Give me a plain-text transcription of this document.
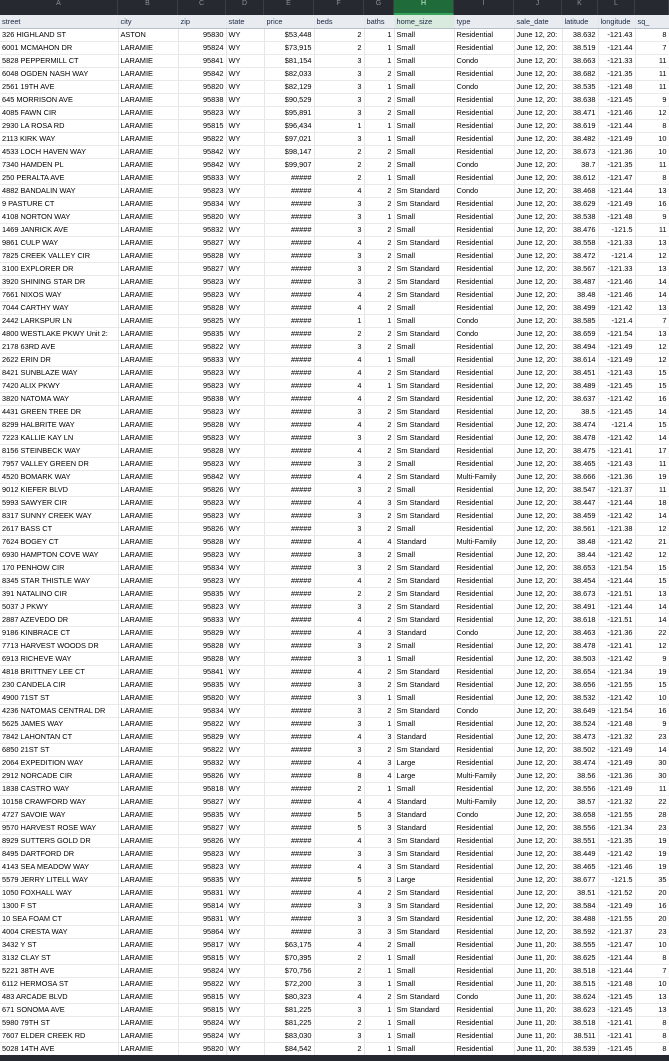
A	B	C	D	E	F	G	H	I	J	K	L
street	city	zip	state	price	beds	baths	home_size	type	sale_date	latitude	longitude	sq_
326 HIGHLAND ST	ASTON	95830	WY	$53,448	2	1	Small	Residential	June 12, 20:	38.632	-121.43	8
6001 MCMAHON DR	LARAMIE	95824	WY	$73,915	2	1	Small	Residential	June 12, 20:	38.519	-121.44	7
5828 PEPPERMILL CT	LARAMIE	95841	WY	$81,154	3	1	Small	Condo	June 12, 20:	38.663	-121.33	11
6048 OGDEN NASH WAY	LARAMIE	95842	WY	$82,033	3	2	Small	Residential	June 12, 20:	38.682	-121.35	11
2561 19TH AVE	LARAMIE	95820	WY	$82,129	3	1	Small	Condo	June 12, 20:	38.535	-121.48	11
645 MORRISON AVE	LARAMIE	95838	WY	$90,529	3	2	Small	Residential	June 12, 20:	38.638	-121.45	9
4085 FAWN CIR	LARAMIE	95823	WY	$95,891	3	2	Small	Residential	June 12, 20:	38.471	-121.46	12
2930 LA ROSA RD	LARAMIE	95815	WY	$96,434	1	1	Small	Residential	June 12, 20:	38.619	-121.44	8
2113 KIRK WAY	LARAMIE	95822	WY	$97,021	3	1	Small	Residential	June 12, 20:	38.482	-121.49	10
4533 LOCH HAVEN WAY	LARAMIE	95842	WY	$98,147	2	2	Small	Residential	June 12, 20:	38.673	-121.36	10
7340 HAMDEN PL	LARAMIE	95842	WY	$99,907	2	2	Small	Condo	June 12, 20:	38.7	-121.35	11
250 PERALTA AVE	LARAMIE	95833	WY	#####	2	1	Small	Residential	June 12, 20:	38.612	-121.47	8
4882 BANDALIN WAY	LARAMIE	95823	WY	#####	4	2	Sm Standard	Condo	June 12, 20:	38.468	-121.44	13
9 PASTURE CT	LARAMIE	95834	WY	#####	3	2	Sm Standard	Residential	June 12, 20:	38.629	-121.49	16
4108 NORTON WAY	LARAMIE	95820	WY	#####	3	1	Small	Residential	June 12, 20:	38.538	-121.48	9
1469 JANRICK AVE	LARAMIE	95832	WY	#####	3	2	Small	Residential	June 12, 20:	38.476	-121.5	11
9861 CULP WAY	LARAMIE	95827	WY	#####	4	2	Sm Standard	Residential	June 12, 20:	38.558	-121.33	13
7825 CREEK VALLEY CIR	LARAMIE	95828	WY	#####	3	2	Small	Residential	June 12, 20:	38.472	-121.4	12
3100 EXPLORER DR	LARAMIE	95827	WY	#####	3	2	Sm Standard	Residential	June 12, 20:	38.567	-121.33	13
3920 SHINING STAR DR	LARAMIE	95823	WY	#####	3	2	Sm Standard	Residential	June 12, 20:	38.487	-121.46	14
7661 NIXOS WAY	LARAMIE	95823	WY	#####	4	2	Sm Standard	Residential	June 12, 20:	38.48	-121.46	14
7044 CARTHY WAY	LARAMIE	95828	WY	#####	4	2	Small	Residential	June 12, 20:	38.499	-121.42	13
2442 LARKSPUR LN	LARAMIE	95825	WY	#####	1	1	Small	Condo	June 12, 20:	38.585	-121.4	7
4800 WESTLAKE PKWY Unit 2:	LARAMIE	95835	WY	#####	2	2	Sm Standard	Condo	June 12, 20:	38.659	-121.54	13
2178 63RD AVE	LARAMIE	95822	WY	#####	3	2	Small	Residential	June 12, 20:	38.494	-121.49	12
2622 ERIN DR	LARAMIE	95833	WY	#####	4	1	Small	Residential	June 12, 20:	38.614	-121.49	12
8421 SUNBLAZE WAY	LARAMIE	95823	WY	#####	4	2	Sm Standard	Residential	June 12, 20:	38.451	-121.43	15
7420 ALIX PKWY	LARAMIE	95823	WY	#####	4	1	Sm Standard	Residential	June 12, 20:	38.489	-121.45	15
3820 NATOMA WAY	LARAMIE	95838	WY	#####	4	2	Sm Standard	Residential	June 12, 20:	38.637	-121.42	16
4431 GREEN TREE DR	LARAMIE	95823	WY	#####	3	2	Sm Standard	Residential	June 12, 20:	38.5	-121.45	14
8299 HALBRITE WAY	LARAMIE	95828	WY	#####	4	2	Sm Standard	Residential	June 12, 20:	38.474	-121.4	15
7223 KALLIE KAY LN	LARAMIE	95823	WY	#####	3	2	Sm Standard	Residential	June 12, 20:	38.478	-121.42	14
8156 STEINBECK WAY	LARAMIE	95828	WY	#####	4	2	Sm Standard	Residential	June 12, 20:	38.475	-121.41	17
7957 VALLEY GREEN DR	LARAMIE	95823	WY	#####	3	2	Small	Residential	June 12, 20:	38.465	-121.43	11
4520 BOMARK WAY	LARAMIE	95842	WY	#####	4	2	Sm Standard	Multi-Family	June 12, 20:	38.666	-121.36	19
9012 KIEFER BLVD	LARAMIE	95826	WY	#####	3	2	Small	Residential	June 12, 20:	38.547	-121.37	11
5993 SAWYER CIR	LARAMIE	95823	WY	#####	4	3	Sm Standard	Residential	June 12, 20:	38.447	-121.44	18
8317 SUNNY CREEK WAY	LARAMIE	95823	WY	#####	3	2	Sm Standard	Residential	June 12, 20:	38.459	-121.42	14
2617 BASS CT	LARAMIE	95826	WY	#####	3	2	Small	Residential	June 12, 20:	38.561	-121.38	12
7624 BOGEY CT	LARAMIE	95828	WY	#####	4	4	Standard	Multi-Family	June 12, 20:	38.48	-121.42	21
6930 HAMPTON COVE WAY	LARAMIE	95823	WY	#####	3	2	Small	Residential	June 12, 20:	38.44	-121.42	12
170 PENHOW CIR	LARAMIE	95834	WY	#####	3	2	Sm Standard	Residential	June 12, 20:	38.653	-121.54	15
8345 STAR THISTLE WAY	LARAMIE	95823	WY	#####	4	2	Sm Standard	Residential	June 12, 20:	38.454	-121.44	15
391 NATALINO CIR	LARAMIE	95835	WY	#####	2	2	Sm Standard	Residential	June 12, 20:	38.673	-121.51	13
5037 J PKWY	LARAMIE	95823	WY	#####	3	2	Sm Standard	Residential	June 12, 20:	38.491	-121.44	14
2887 AZEVEDO DR	LARAMIE	95833	WY	#####	4	2	Sm Standard	Residential	June 12, 20:	38.618	-121.51	14
9186 KINBRACE CT	LARAMIE	95829	WY	#####	4	3	Standard	Condo	June 12, 20:	38.463	-121.36	22
7713 HARVEST WOODS DR	LARAMIE	95828	WY	#####	3	2	Small	Residential	June 12, 20:	38.478	-121.41	12
6913 RICHEVE WAY	LARAMIE	95828	WY	#####	3	1	Small	Residential	June 12, 20:	38.503	-121.42	9
4818 BRITTNEY LEE CT	LARAMIE	95841	WY	#####	4	2	Sm Standard	Residential	June 12, 20:	38.654	-121.34	19
230 CANDELA CIR	LARAMIE	95835	WY	#####	3	2	Sm Standard	Residential	June 12, 20:	38.656	-121.55	15
4900 71ST ST	LARAMIE	95820	WY	#####	3	1	Small	Residential	June 12, 20:	38.532	-121.42	10
4236 NATOMAS CENTRAL DR	LARAMIE	95834	WY	#####	3	2	Sm Standard	Condo	June 12, 20:	38.649	-121.54	16
5625 JAMES WAY	LARAMIE	95822	WY	#####	3	1	Small	Residential	June 12, 20:	38.524	-121.48	9
7842 LAHONTAN CT	LARAMIE	95829	WY	#####	4	3	Standard	Residential	June 12, 20:	38.473	-121.32	23
6850 21ST ST	LARAMIE	95822	WY	#####	3	2	Sm Standard	Residential	June 12, 20:	38.502	-121.49	14
2064 EXPEDITION WAY	LARAMIE	95832	WY	#####	4	3	Large	Residential	June 12, 20:	38.474	-121.49	30
2912 NORCADE CIR	LARAMIE	95826	WY	#####	8	4	Large	Multi-Family	June 12, 20:	38.56	-121.36	30
1838 CASTRO WAY	LARAMIE	95818	WY	#####	2	1	Small	Residential	June 12, 20:	38.556	-121.49	11
10158 CRAWFORD WAY	LARAMIE	95827	WY	#####	4	4	Standard	Multi-Family	June 12, 20:	38.57	-121.32	22
4727 SAVOIE WAY	LARAMIE	95835	WY	#####	5	3	Standard	Condo	June 12, 20:	38.658	-121.55	28
9570 HARVEST ROSE WAY	LARAMIE	95827	WY	#####	5	3	Standard	Residential	June 12, 20:	38.556	-121.34	23
8929 SUTTERS GOLD DR	LARAMIE	95826	WY	#####	4	3	Sm Standard	Residential	June 12, 20:	38.551	-121.35	19
8495 DARTFORD DR	LARAMIE	95823	WY	#####	3	3	Sm Standard	Residential	June 12, 20:	38.449	-121.42	19
4143 SEA MEADOW WAY	LARAMIE	95823	WY	#####	4	3	Sm Standard	Residential	June 12, 20:	38.465	-121.46	19
5579 JERRY LITELL WAY	LARAMIE	95835	WY	#####	5	3	Large	Residential	June 12, 20:	38.677	-121.5	35
1050 FOXHALL WAY	LARAMIE	95831	WY	#####	4	2	Sm Standard	Residential	June 12, 20:	38.51	-121.52	20
1300 F ST	LARAMIE	95814	WY	#####	3	3	Sm Standard	Residential	June 12, 20:	38.584	-121.49	16
10 SEA FOAM CT	LARAMIE	95831	WY	#####	3	3	Sm Standard	Residential	June 12, 20:	38.488	-121.55	20
4004 CRESTA WAY	LARAMIE	95864	WY	#####	3	3	Sm Standard	Residential	June 12, 20:	38.592	-121.37	23
3432 Y ST	LARAMIE	95817	WY	$63,175	4	2	Small	Residential	June 11, 20:	38.555	-121.47	10
3132 CLAY ST	LARAMIE	95815	WY	$70,395	2	1	Small	Residential	June 11, 20:	38.625	-121.44	8
5221 38TH AVE	LARAMIE	95824	WY	$70,756	2	1	Small	Residential	June 11, 20:	38.518	-121.44	7
6112 HERMOSA ST	LARAMIE	95822	WY	$72,200	3	1	Small	Residential	June 11, 20:	38.515	-121.48	10
483 ARCADE BLVD	LARAMIE	95815	WY	$80,323	4	2	Sm Standard	Condo	June 11, 20:	38.624	-121.45	13
671 SONOMA AVE	LARAMIE	95815	WY	$81,225	3	1	Sm Standard	Residential	June 11, 20:	38.623	-121.45	13
5980 79TH ST	LARAMIE	95824	WY	$81,225	2	1	Small	Residential	June 11, 20:	38.518	-121.41	8
7607 ELDER CREEK RD	LARAMIE	95824	WY	$83,030	3	1	Small	Residential	June 11, 20:	38.511	-121.41	8
5028 14TH AVE	LARAMIE	95820	WY	$84,542	2	1	Small	Residential	June 11, 20:	38.539	-121.45	8
